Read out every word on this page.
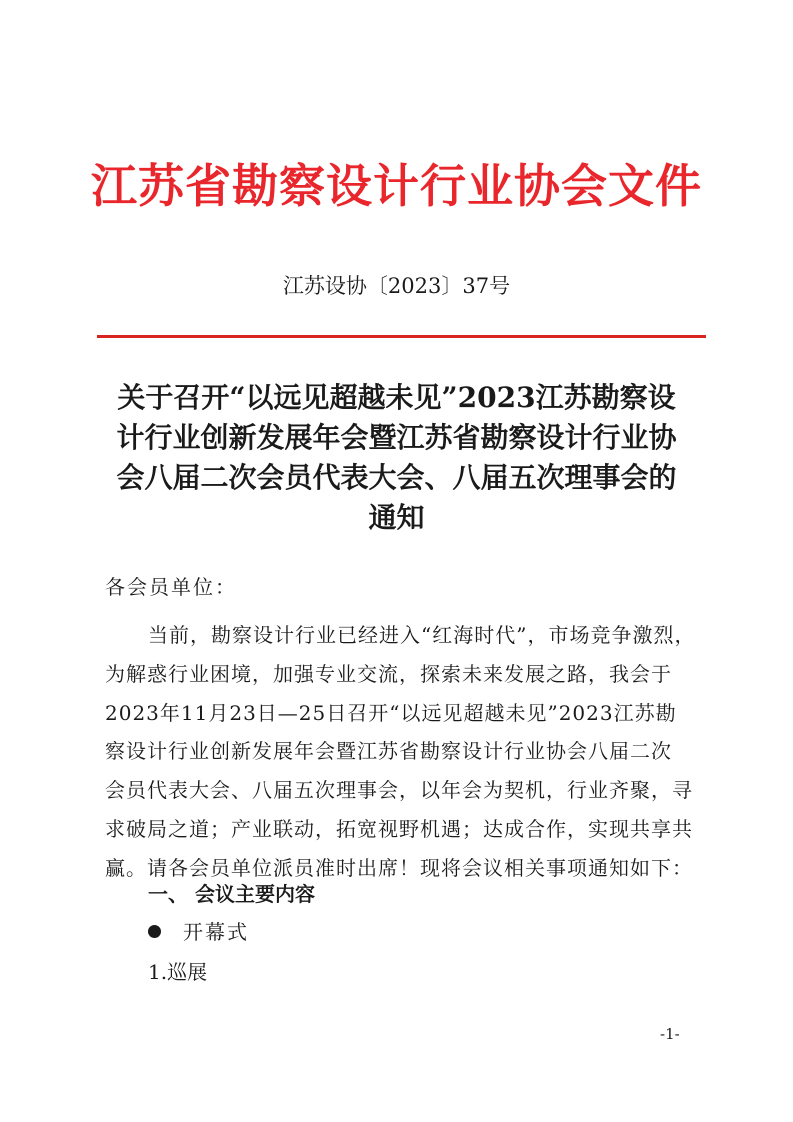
江苏省勘察设计行业协会文件
江苏设协〔2023〕37号
关于召开“以远见超越未见”2023江苏勘察设
计行业创新发展年会暨江苏省勘察设计行业协
会八届二次会员代表大会、八届五次理事会的
通知
各会员单位：
当前，勘察设计行业已经进入“红海时代”，市场竞争激烈，
为解惑行业困境，加强专业交流，探索未来发展之路，我会于
2023年11月23日—25日召开“以远见超越未见”2023江苏勘
察设计行业创新发展年会暨江苏省勘察设计行业协会八届二次
会员代表大会、八届五次理事会，以年会为契机，行业齐聚，寻
求破局之道；产业联动，拓宽视野机遇；达成合作，实现共享共
赢。请各会员单位派员准时出席！现将会议相关事项通知如下：
一、 会议主要内容
开幕式
1.巡展
-1-
